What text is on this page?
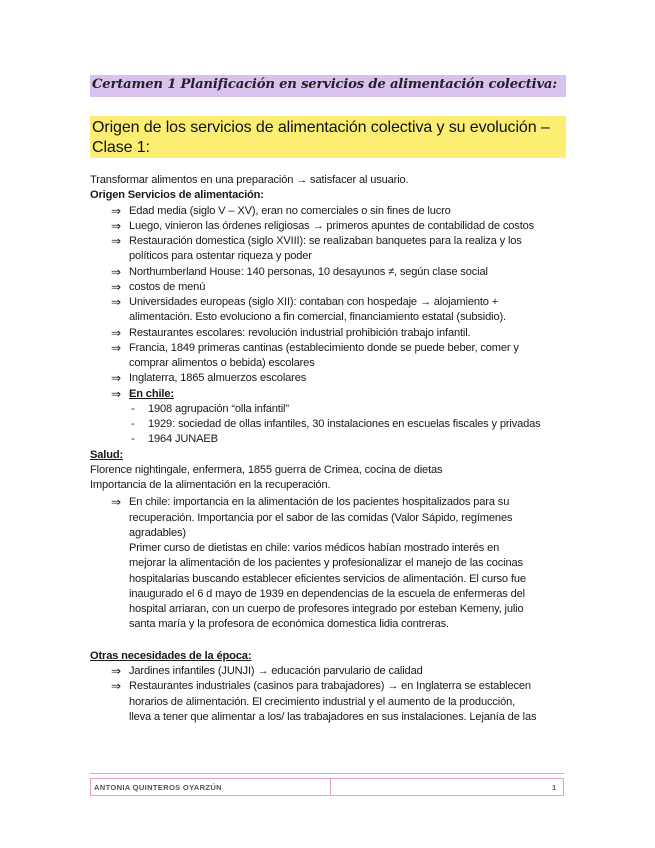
Certamen 1 Planificación en servicios de alimentación colectiva:
Origen de los servicios de alimentación colectiva y su evolución – Clase 1:
Transformar alimentos en una preparación → satisfacer al usuario.
Origen Servicios de alimentación:
⇒ Edad media (siglo V – XV), eran no comerciales o sin fines de lucro
⇒ Luego, vinieron las órdenes religiosas → primeros apuntes de contabilidad de costos
⇒ Restauración domestica (siglo XVIII): se realizaban banquetes para la realiza y los
políticos para ostentar riqueza y poder
⇒ Northumberland House: 140 personas, 10 desayunos ≠, según clase social
⇒ costos de menú
⇒ Universidades europeas (siglo XII): contaban con hospedaje → alojamiento +
alimentación. Esto evoluciono a fin comercial, financiamiento estatal (subsidio).
⇒ Restaurantes escolares: revolución industrial prohibición trabajo infantil.
⇒ Francia, 1849 primeras cantinas (establecimiento donde se puede beber, comer y
comprar alimentos o bebida) escolares
⇒ Inglaterra, 1865 almuerzos escolares
⇒ En chile:
- 1908 agrupación “olla infantil”
- 1929: sociedad de ollas infantiles, 30 instalaciones en escuelas fiscales y privadas
- 1964 JUNAEB
Salud:
Florence nightingale, enfermera, 1855 guerra de Crimea, cocina de dietas
Importancia de la alimentación en la recuperación.
⇒ En chile: importancia en la alimentación de los pacientes hospitalizados para su
recuperación. Importancia por el sabor de las comidas (Valor Sápido, regímenes
agradables)
Primer curso de dietistas en chile: varios médicos habían mostrado interés en
mejorar la alimentación de los pacientes y profesionalizar el manejo de las cocinas
hospitalarias buscando establecer eficientes servicios de alimentación. El curso fue
inaugurado el 6 d mayo de 1939 en dependencias de la escuela de enfermeras del
hospital arriaran, con un cuerpo de profesores integrado por esteban Kemeny, julio
santa maría y la profesora de económica domestica lidia contreras.
Otras necesidades de la época:
⇒ Jardines infantiles (JUNJI) → educación parvulario de calidad
⇒ Restaurantes industriales (casinos para trabajadores) → en Inglaterra se establecen
horarios de alimentación. El crecimiento industrial y el aumento de la producción,
lleva a tener que alimentar a los/ las trabajadores en sus instalaciones. Lejanía de las
ANTONIA QUINTEROS OYARZÚN	1
